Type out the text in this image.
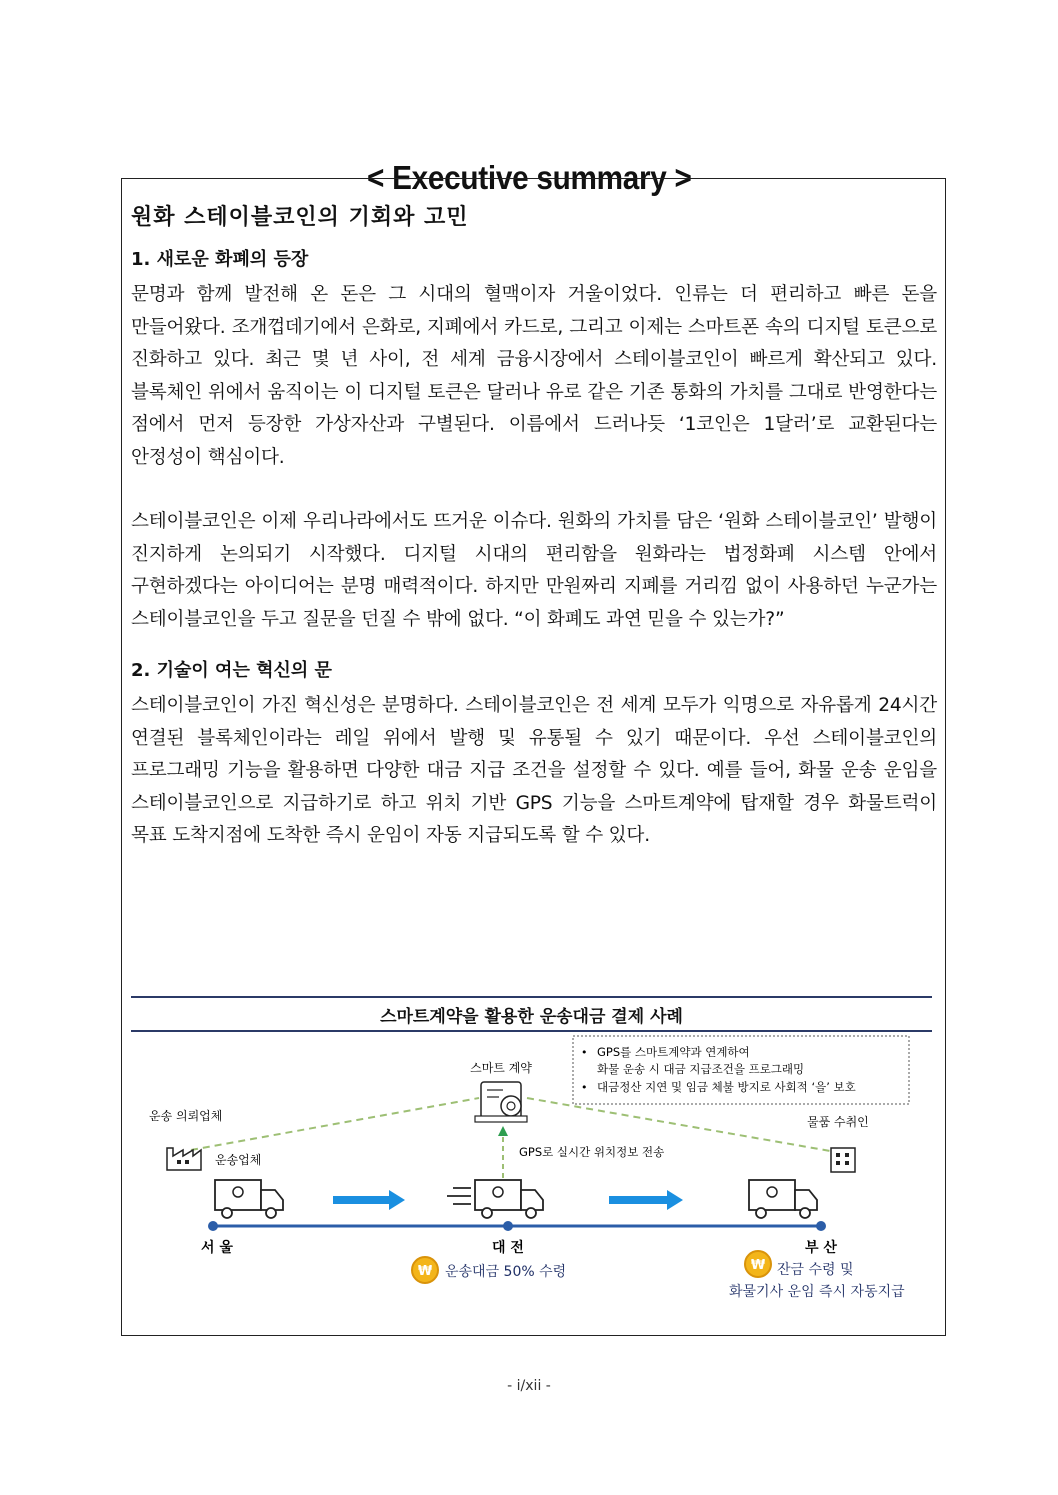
< Executive summary >
원화 스테이블코인의 기회와 고민
1. 새로운 화폐의 등장

문명과 함께 발전해 온 돈은 그 시대의 혈맥이자 거울이었다. 인류는 더 편리하고 빠른 돈을 만들어왔다. 조개껍데기에서 은화로, 지폐에서 카드로, 그리고 이제는 스마트폰 속의 디지털 토큰으로 진화하고 있다. 최근 몇 년 사이, 전 세계 금융시장에서 스테이블코인이 빠르게 확산되고 있다. 블록체인 위에서 움직이는 이 디지털 토큰은 달러나 유로 같은 기존 통화의 가치를 그대로 반영한다는 점에서 먼저 등장한 가상자산과 구별된다. 이름에서 드러나듯 ‘1코인은 1달러’로 교환된다는 안정성이 핵심이다.

스테이블코인은 이제 우리나라에서도 뜨거운 이슈다. 원화의 가치를 담은 ‘원화 스테이블코인’ 발행이 진지하게 논의되기 시작했다. 디지털 시대의 편리함을 원화라는 법정화폐 시스템 안에서 구현하겠다는 아이디어는 분명 매력적이다. 하지만 만원짜리 지폐를 거리낌 없이 사용하던 누군가는 스테이블코인을 두고 질문을 던질 수 밖에 없다. “이 화폐도 과연 믿을 수 있는가?”

2. 기술이 여는 혁신의 문

스테이블코인이 가진 혁신성은 분명하다. 스테이블코인은 전 세계 모두가 익명으로 자유롭게 24시간 연결된 블록체인이라는 레일 위에서 발행 및 유통될 수 있기 때문이다. 우선 스테이블코인의 프로그래밍 기능을 활용하면 다양한 대금 지급 조건을 설정할 수 있다. 예를 들어, 화물 운송 운임을 스테이블코인으로 지급하기로 하고 위치 기반 GPS 기능을 스마트계약에 탑재할 경우 화물트럭이 목표 도착지점에 도착한 즉시 운임이 자동 지급되도록 할 수 있다.

스마트계약을 활용한 운송대금 결제 사례
• GPS를 스마트계약과 연계하여
화물 운송 시 대금 지급조건을 프로그래밍
• 대금정산 지연 및 임금 체불 방지로 사회적 ‘을’ 보호
스마트 계약
GPS로 실시간 위치정보 전송
운송 의뢰업체
운송업체
물품 수취인
서 울	대 전	부 산
₩ 운송대금 50% 수령	₩ 잔금 수령 및
화물기사 운임 즉시 자동지급
- i/xii -
